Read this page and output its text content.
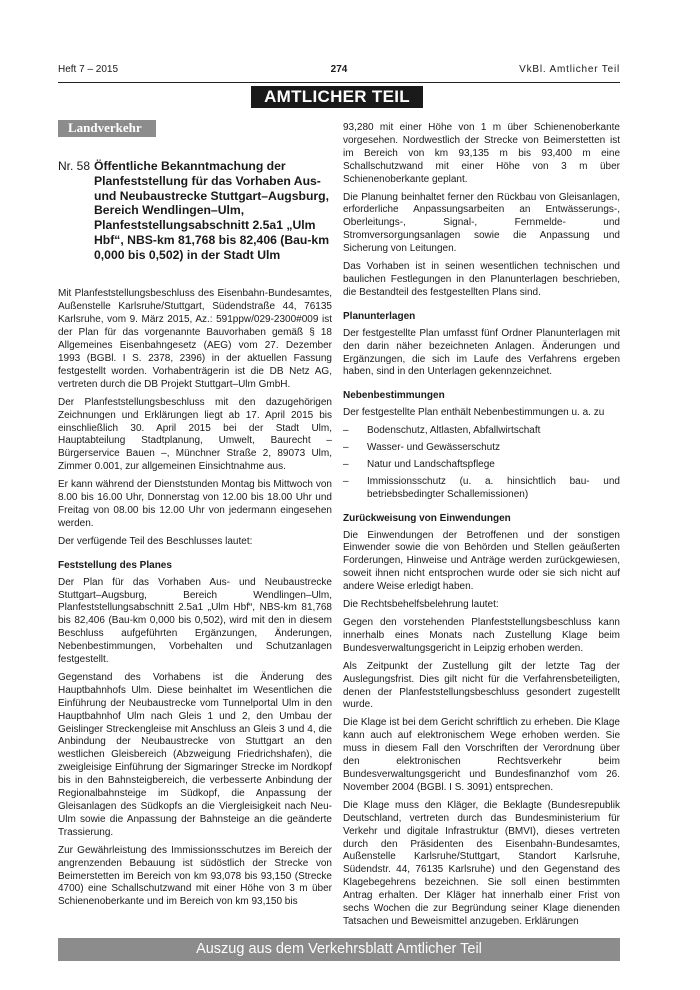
Heft 7 – 2015	274	VkBl. Amtlicher Teil
AMTLICHER TEIL
Landverkehr
Nr. 58 Öffentliche Bekanntmachung der Planfeststellung für das Vorhaben Aus- und Neubaustrecke Stuttgart–Augsburg, Bereich Wendlingen–Ulm, Planfeststellungsabschnitt 2.5a1 „Ulm Hbf“, NBS-km 81,768 bis 82,406 (Bau-km 0,000 bis 0,502) in der Stadt Ulm

Mit Planfeststellungsbeschluss des Eisenbahn-Bundesamtes, Außenstelle Karlsruhe/Stuttgart, Südendstraße 44, 76135 Karlsruhe, vom 9. März 2015, Az.: 591ppw/029-2300#009 ist der Plan für das vorgenannte Bauvorhaben gemäß § 18 Allgemeines Eisenbahngesetz (AEG) vom 27. Dezember 1993 (BGBl. I S. 2378, 2396) in der aktuellen Fassung festgestellt worden. Vorhabenträgerin ist die DB Netz AG, vertreten durch die DB Projekt Stuttgart–Ulm GmbH.

Der Planfeststellungsbeschluss mit den dazugehörigen Zeichnungen und Erklärungen liegt ab 17. April 2015 bis einschließlich 30. April 2015 bei der Stadt Ulm, Hauptabteilung Stadtplanung, Umwelt, Baurecht – Bürgerservice Bauen –, Münchner Straße 2, 89073 Ulm, Zimmer 0.001, zur allgemeinen Einsichtnahme aus.

Er kann während der Dienststunden Montag bis Mittwoch von 8.00 bis 16.00 Uhr, Donnerstag von 12.00 bis 18.00 Uhr und Freitag von 08.00 bis 12.00 Uhr von jedermann eingesehen werden.

Der verfügende Teil des Beschlusses lautet:

Feststellung des Planes

Der Plan für das Vorhaben Aus- und Neubaustrecke Stuttgart–Augsburg, Bereich Wendlingen–Ulm, Planfeststellungsabschnitt 2.5a1 „Ulm Hbf“, NBS-km 81,768 bis 82,406 (Bau-km 0,000 bis 0,502), wird mit den in diesem Beschluss aufgeführten Ergänzungen, Änderungen, Nebenbestimmungen, Vorbehalten und Schutzanlagen festgestellt.

Gegenstand des Vorhabens ist die Änderung des Hauptbahnhofs Ulm. Diese beinhaltet im Wesentlichen die Einführung der Neubaustrecke vom Tunnelportal Ulm in den Hauptbahnhof Ulm nach Gleis 1 und 2, den Umbau der Geislinger Streckengleise mit Anschluss an Gleis 3 und 4, die Anbindung der Neubaustrecke von Stuttgart an den westlichen Gleisbereich (Abzweigung Friedrichshafen), die zweigleisige Einführung der Sigmaringer Strecke im Nordkopf bis in den Bahnsteigbereich, die verbesserte Anbindung der Regionalbahnsteige im Südkopf, die Anpassung der Gleisanlagen des Südkopfs an die Viergleisigkeit nach Neu-Ulm sowie die Anpassung der Bahnsteige an die geänderte Trassierung.

Zur Gewährleistung des Immissionsschutzes im Bereich der angrenzenden Bebauung ist südöstlich der Strecke von Beimerstetten im Bereich von km 93,078 bis 93,150 (Strecke 4700) eine Schallschutzwand mit einer Höhe von 3 m über Schienenoberkante und im Bereich von km 93,150 bis

93,280 mit einer Höhe von 1 m über Schienenoberkante vorgesehen. Nordwestlich der Strecke von Beimerstetten ist im Bereich von km 93,135 m bis 93,400 m eine Schallschutzwand mit einer Höhe von 3 m über Schienenoberkante geplant.

Die Planung beinhaltet ferner den Rückbau von Gleisanlagen, erforderliche Anpassungsarbeiten an Entwässerungs-, Oberleitungs-, Signal-, Fernmelde- und Stromversorgungsanlagen sowie die Anpassung und Sicherung von Leitungen.

Das Vorhaben ist in seinen wesentlichen technischen und baulichen Festlegungen in den Planunterlagen beschrieben, die Bestandteil des festgestellten Plans sind.

Planunterlagen

Der festgestellte Plan umfasst fünf Ordner Planunterlagen mit den darin näher bezeichneten Anlagen. Änderungen und Ergänzungen, die sich im Laufe des Verfahrens ergeben haben, sind in den Unterlagen gekennzeichnet.

Nebenbestimmungen

Der festgestellte Plan enthält Nebenbestimmungen u. a. zu

– Bodenschutz, Altlasten, Abfallwirtschaft
– Wasser- und Gewässerschutz
– Natur und Landschaftspflege
– Immissionsschutz (u. a. hinsichtlich bau- und betriebsbedingter Schallemissionen)
Zurückweisung von Einwendungen

Die Einwendungen der Betroffenen und der sonstigen Einwender sowie die von Behörden und Stellen geäußerten Forderungen, Hinweise und Anträge werden zurückgewiesen, soweit ihnen nicht entsprochen wurde oder sie sich nicht auf andere Weise erledigt haben.

Die Rechtsbehelfsbelehrung lautet:

Gegen den vorstehenden Planfeststellungsbeschluss kann innerhalb eines Monats nach Zustellung Klage beim Bundesverwaltungsgericht in Leipzig erhoben werden.

Als Zeitpunkt der Zustellung gilt der letzte Tag der Auslegungsfrist. Dies gilt nicht für die Verfahrensbeteiligten, denen der Planfeststellungsbeschluss gesondert zugestellt wurde.

Die Klage ist bei dem Gericht schriftlich zu erheben. Die Klage kann auch auf elektronischem Wege erhoben werden. Sie muss in diesem Fall den Vorschriften der Verordnung über den elektronischen Rechtsverkehr beim Bundesverwaltungsgericht und Bundesfinanzhof vom 26. November 2004 (BGBl. I S. 3091) entsprechen.

Die Klage muss den Kläger, die Beklagte (Bundesrepublik Deutschland, vertreten durch das Bundesministerium für Verkehr und digitale Infrastruktur (BMVI), dieses vertreten durch den Präsidenten des Eisenbahn-Bundesamtes, Außenstelle Karlsruhe/Stuttgart, Standort Karlsruhe, Südendstr. 44, 76135 Karlsruhe) und den Gegenstand des Klagebegehrens bezeichnen. Sie soll einen bestimmten Antrag erhalten. Der Kläger hat innerhalb einer Frist von sechs Wochen die zur Begründung seiner Klage dienenden Tatsachen und Beweismittel anzugeben. Erklärungen

Auszug aus dem Verkehrsblatt Amtlicher Teil
